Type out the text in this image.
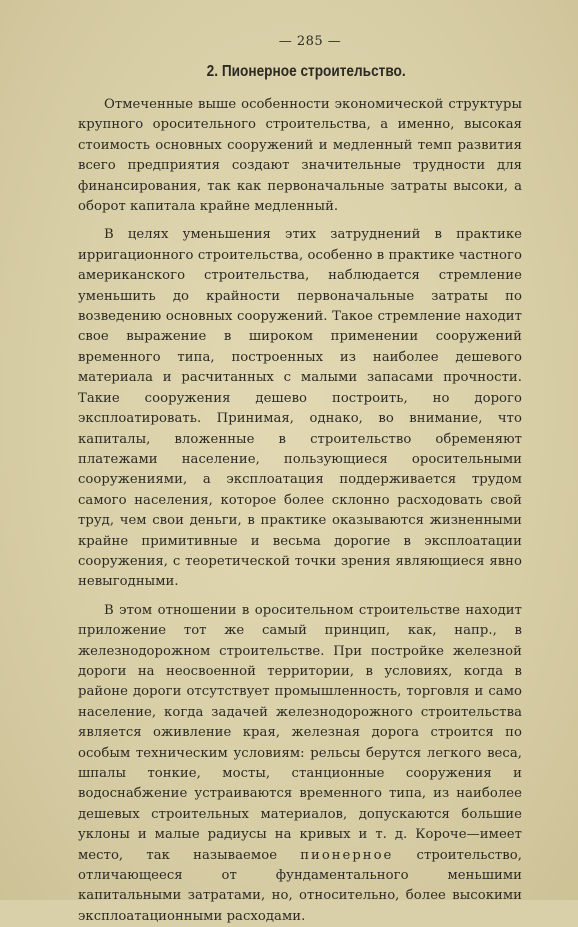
— 285 —
2. Пионерное строительство.

Отмеченные выше особенности экономической структуры крупного оросительного строительства, а именно, высокая стоимость основных сооружений и медленный темп развития всего предприятия создают значительные трудности для финансирования, так как первоначальные затраты высоки, а оборот капитала крайне медленный.

В целях уменьшения этих затруднений в практике ирригационного строительства, особенно в практике частного американского строительства, наблюдается стремление уменьшить до крайности первоначальные затраты по возведению основных сооружений. Такое стремление находит свое выражение в широком применении сооружений временного типа, построенных из наиболее дешевого материала и расчитанных с малыми запасами прочности. Такие сооружения дешево построить, но дорого эксплоатировать. Принимая, однако, во внимание, что капиталы, вложенные в строительство обременяют платежами население, пользующиеся оросительными сооружениями, а эксплоатация поддерживается трудом самого населения, которое более склонно расходовать свой труд, чем свои деньги, в практике оказываются жизненными крайне примитивные и весьма дорогие в эксплоатации сооружения, с теоретической точки зрения являющиеся явно невыгодными.

В этом отношении в оросительном строительстве находит приложение тот же самый принцип, как, напр., в железнодорожном строительстве. При постройке железной дороги на неосвоенной территории, в условиях, когда в районе дороги отсутствует промышленность, торговля и само население, когда задачей железнодорожного строительства является оживление края, железная дорога строится по особым техническим условиям: рельсы берутся легкого веса, шпалы тонкие, мосты, станционные сооружения и водоснабжение устраиваются временного типа, из наиболее дешевых строительных материалов, допускаются большие уклоны и малые радиусы на кривых и т. д. Короче—имеет место, так называемое пионерное строительство, отличающееся от фундаментального меньшими капитальными затратами, но, относительно, более высокими эксплоатационными расходами.
